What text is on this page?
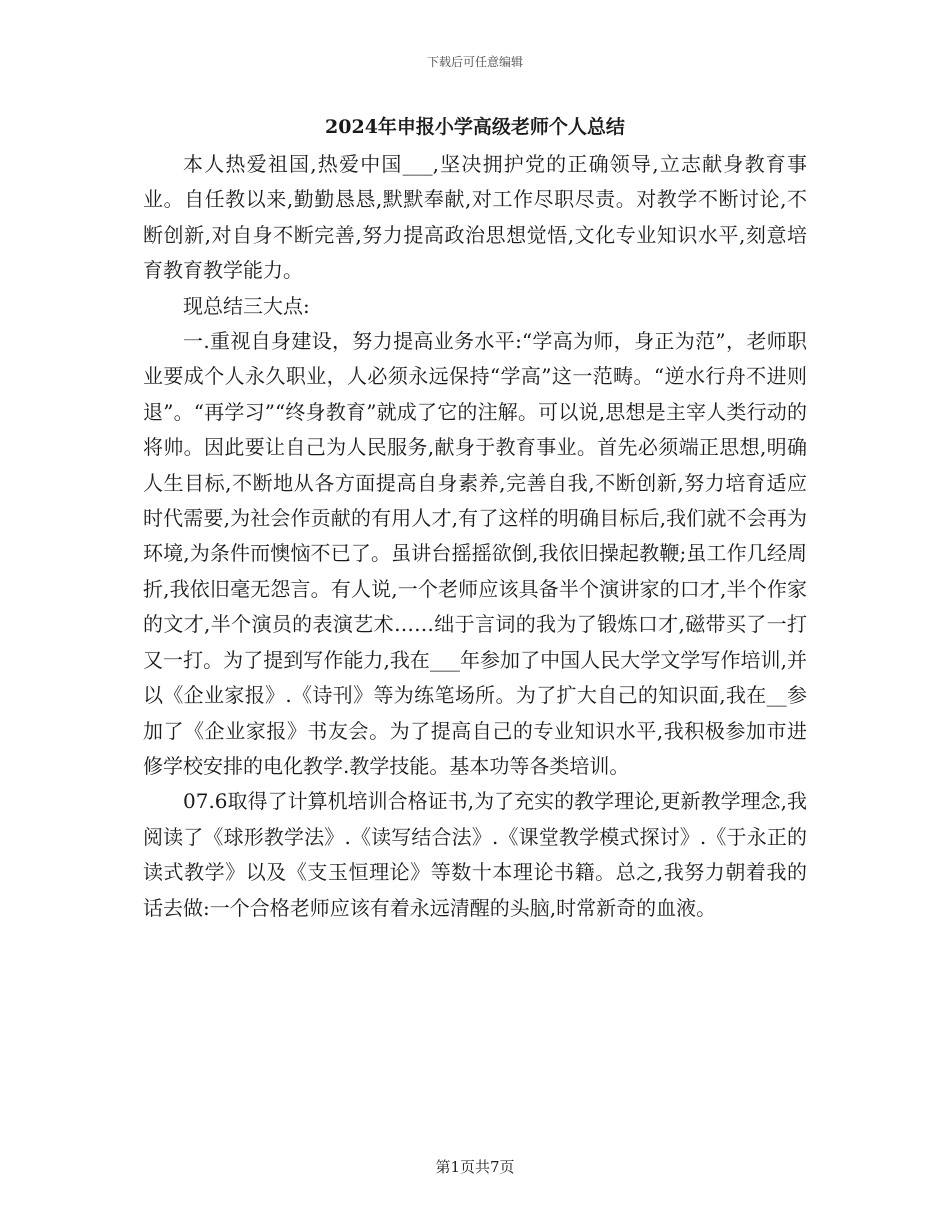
下载后可任意编辑
2024年申报小学高级老师个人总结

本人热爱祖国,热爱中国___,坚决拥护党的正确领导,立志献身教育事业。自任教以来,勤勤恳恳,默默奉献,对工作尽职尽责。对教学不断讨论,不断创新,对自身不断完善,努力提高政治思想觉悟,文化专业知识水平,刻意培育教育教学能力。

现总结三大点:

一.重视自身建设，努力提高业务水平:“学高为师，身正为范”，老师职业要成个人永久职业，人必须永远保持“学高”这一范畴。“逆水行舟不进则退”。“再学习”“终身教育”就成了它的注解。可以说,思想是主宰人类行动的将帅。因此要让自己为人民服务,献身于教育事业。首先必须端正思想,明确人生目标,不断地从各方面提高自身素养,完善自我,不断创新,努力培育适应时代需要,为社会作贡献的有用人才,有了这样的明确目标后,我们就不会再为环境,为条件而懊恼不已了。虽讲台摇摇欲倒,我依旧操起教鞭;虽工作几经周折,我依旧毫无怨言。有人说,一个老师应该具备半个演讲家的口才,半个作家的文才,半个演员的表演艺术……绌于言词的我为了锻炼口才,磁带买了一打又一打。为了提到写作能力,我在___年参加了中国人民大学文学写作培训,并以《企业家报》.《诗刊》等为练笔场所。为了扩大自己的知识面,我在__参加了《企业家报》书友会。为了提高自己的专业知识水平,我积极参加市进修学校安排的电化教学.教学技能。基本功等各类培训。

07.6取得了计算机培训合格证书,为了充实的教学理论,更新教学理念,我阅读了《球形教学法》.《读写结合法》.《课堂教学模式探讨》.《于永正的读式教学》以及《支玉恒理论》等数十本理论书籍。总之,我努力朝着我的话去做:一个合格老师应该有着永远清醒的头脑,时常新奇的血液。

第1页共7页
